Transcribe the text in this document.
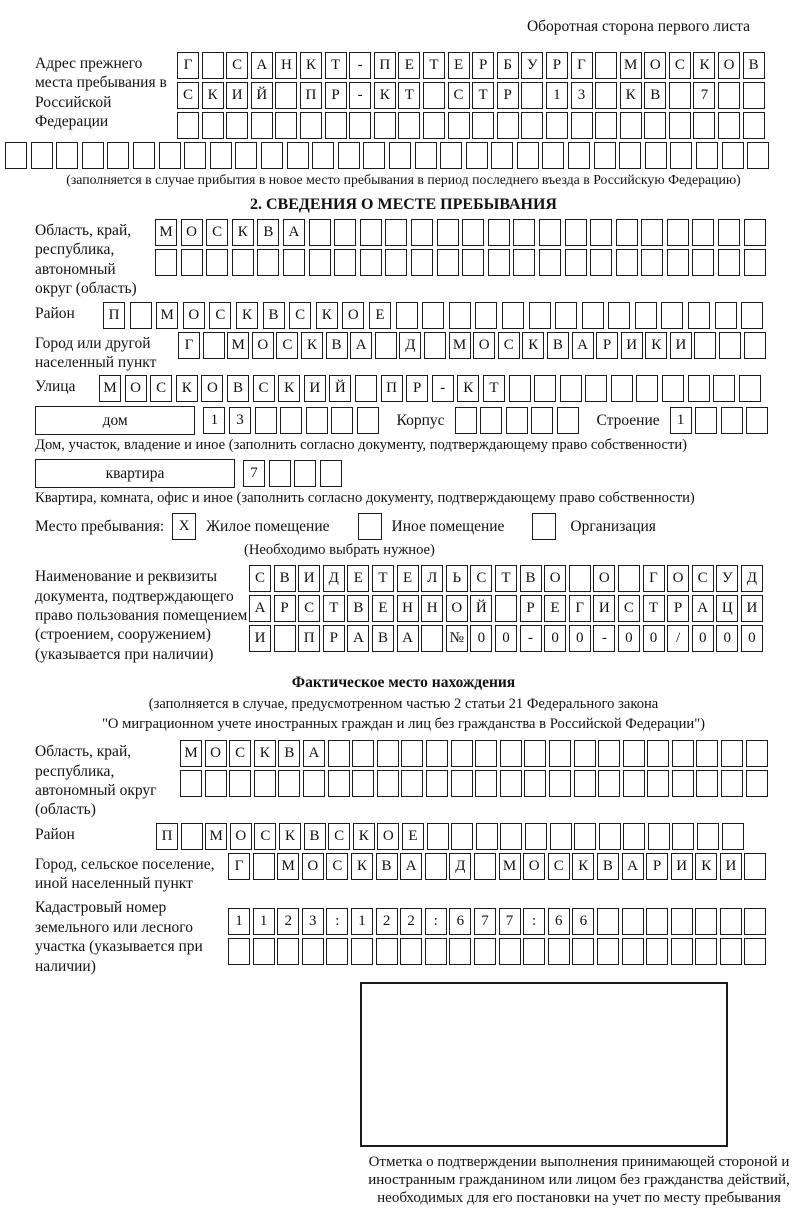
Оборотная сторона первого листа
Адрес прежнего места пребывания в Российской Федерации
Г	С А Н К	Т	-	П Е	Т	Е	Р	Б У	Р	Г	М О С К О В
С К И Й	П	Р	-	К	Т	С	Т	Р	1	3	К В	7
(заполняется в случае прибытия в новое место пребывания в период последнего въезда в Российскую Федерацию)
2. СВЕДЕНИЯ О МЕСТЕ ПРЕБЫВАНИЯ
Область, край, республика, автономный округ (область)
М О	С	К	В	А
Район	П	М О	С	К	В	С	К	О	Е
Город или другой населенный пункт
Г	М О С К В А	Д	М О С К В А	Р	И К И
Улица	М О	С	К	О	В	С	К	И Й	П	Р	-	К	Т
дом	1	3	Корпус	Строение	1
Дом, участок, владение и иное (заполнить согласно документу, подтверждающему право собственности)
квартира	7
Квартира, комната, офис и иное (заполнить согласно документу, подтверждающему право собственности)
Место пребывания: X	Жилое помещение	Иное помещение	Организация
(Необходимо выбрать нужное)
Наименование и реквизиты документа, подтверждающего право пользования помещением (строением, сооружением) (указывается при наличии)
С В И Д Е	Т	Е Л	Ь	С	Т	В О	О	Г О С У Д
А	Р	С	Т	В	Е Н Н О Й	Р	Е	Г И С	Т	Р	А Ц И
И	П	Р	А В А	№ 0	0	-	0	0	-	0	0	/	0	0	0
Фактическое место нахождения
(заполняется в случае, предусмотренном частью 2 статьи 21 Федерального закона
"О миграционном учете иностранных граждан и лиц без гражданства в Российской Федерации")
Область, край, республика, автономный округ (область)
М О С К В А
Район	П	М О С К В С К О Е
Город, сельское поселение, иной населенный пункт
Г	М О С К В А	Д	М О С К В А	Р	И К И
Кадастровый номер земельного или лесного участка (указывается при наличии)
1	1	2	3	:	1	2	2	:	6	7	7	:	6	6
Отметка о подтверждении выполнения принимающей стороной и иностранным гражданином или лицом без гражданства действий, необходимых для его постановки на учет по месту пребывания
